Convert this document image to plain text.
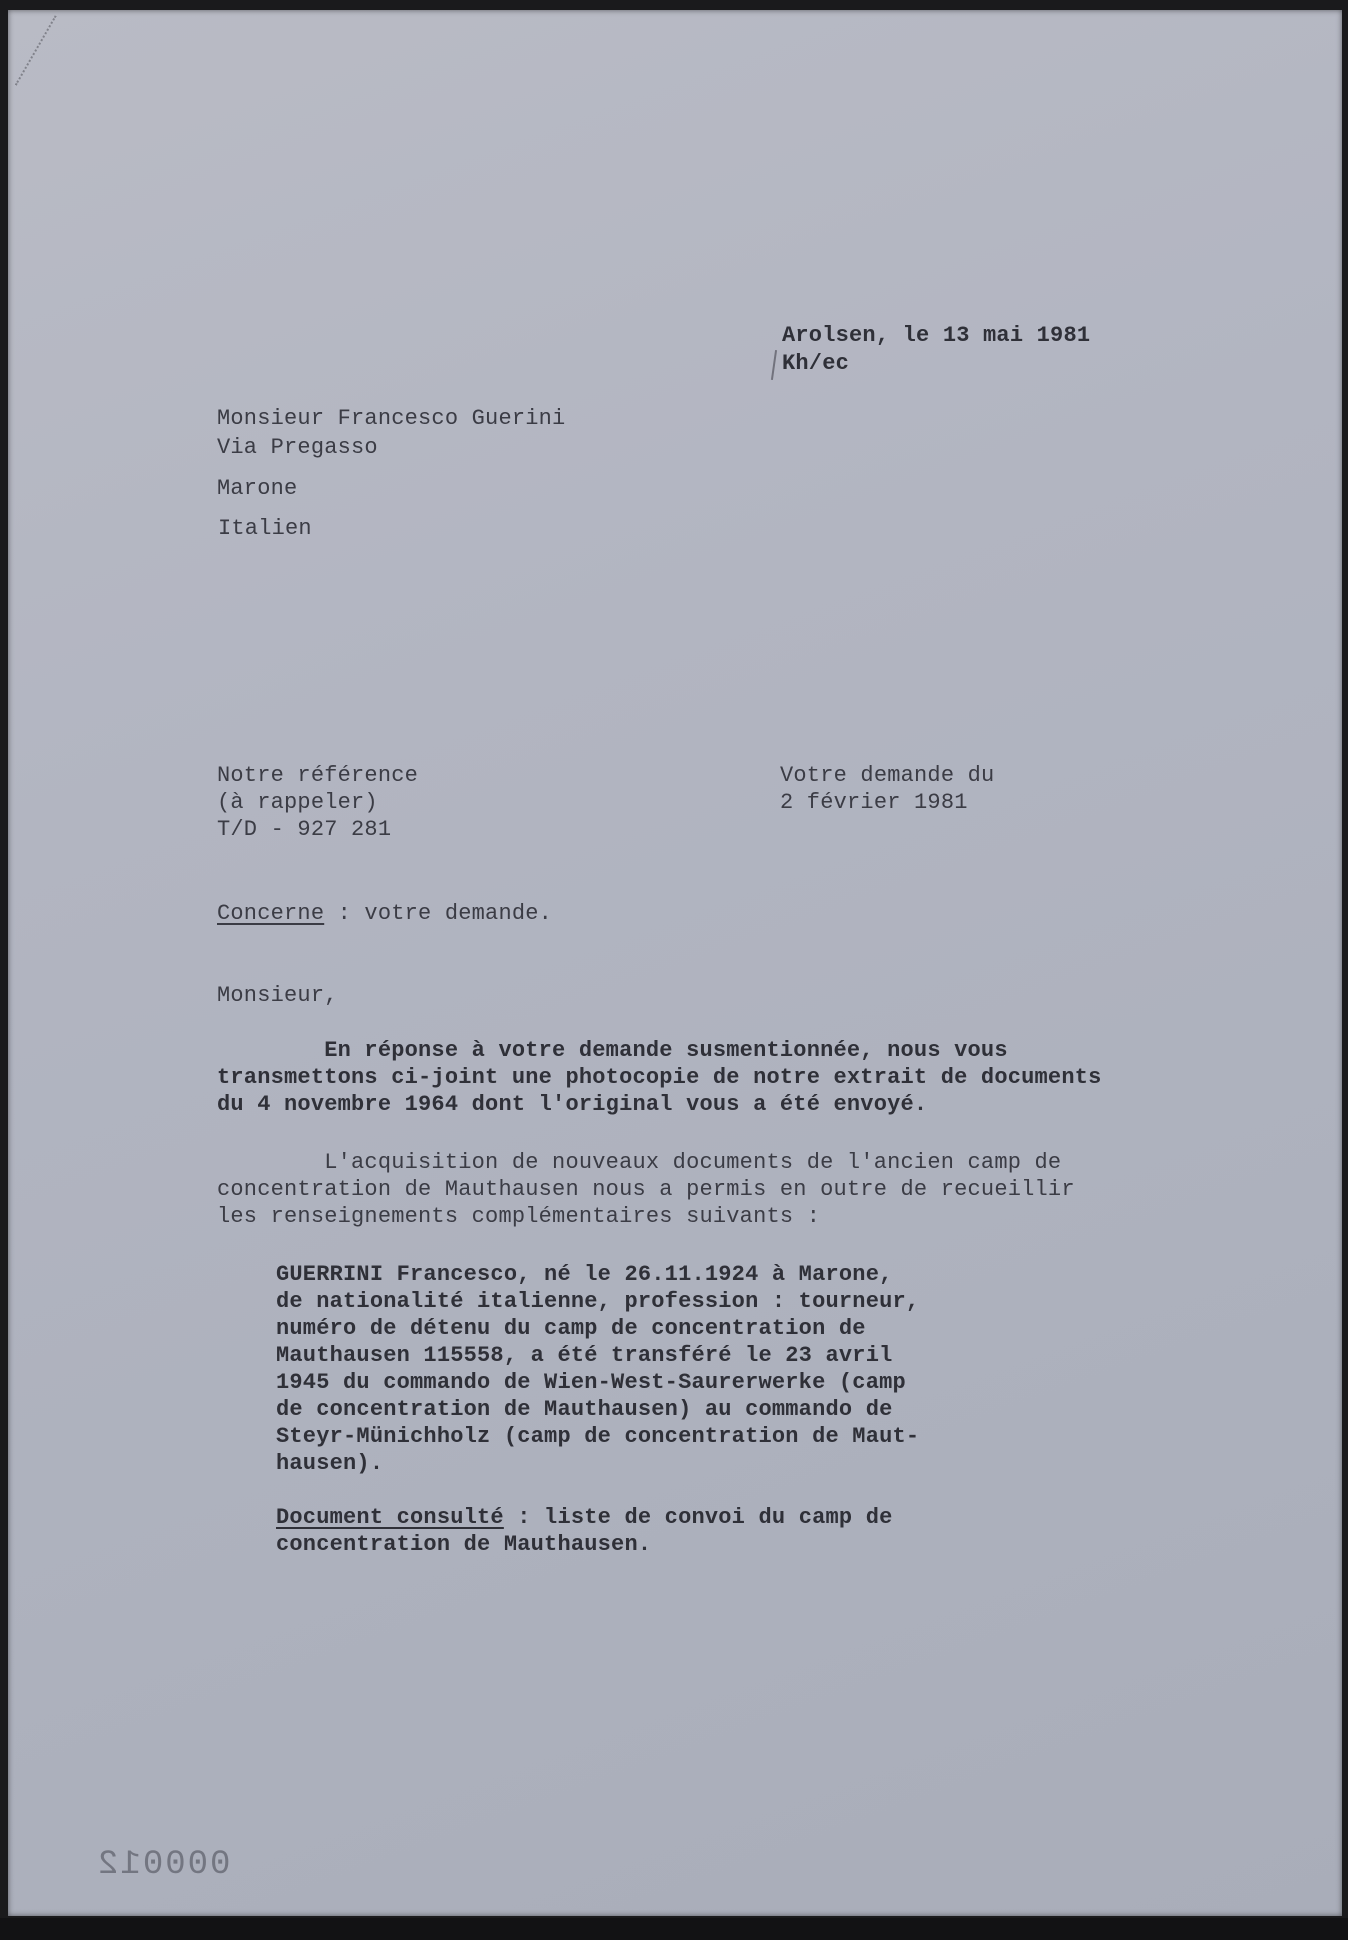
Arolsen, le 13 mai 1981
Kh/ec
Monsieur Francesco Guerini
Via Pregasso
Marone
Italien
Notre référence
(à rappeler)
T/D - 927 281
Votre demande du
2 février 1981
Concerne : votre demande.
Monsieur,
En réponse à votre demande susmentionnée, nous vous
transmettons ci-joint une photocopie de notre extrait de documents
du 4 novembre 1964 dont l'original vous a été envoyé.
L'acquisition de nouveaux documents de l'ancien camp de
concentration de Mauthausen nous a permis en outre de recueillir
les renseignements complémentaires suivants :
GUERRINI Francesco, né le 26.11.1924 à Marone,
de nationalité italienne, profession : tourneur,
numéro de détenu du camp de concentration de
Mauthausen 115558, a été transféré le 23 avril
1945 du commando de Wien-West-Saurerwerke (camp
de concentration de Mauthausen) au commando de
Steyr-Münichholz (camp de concentration de Maut-
hausen).
Document consulté : liste de convoi du camp de
concentration de Mauthausen.
000012
